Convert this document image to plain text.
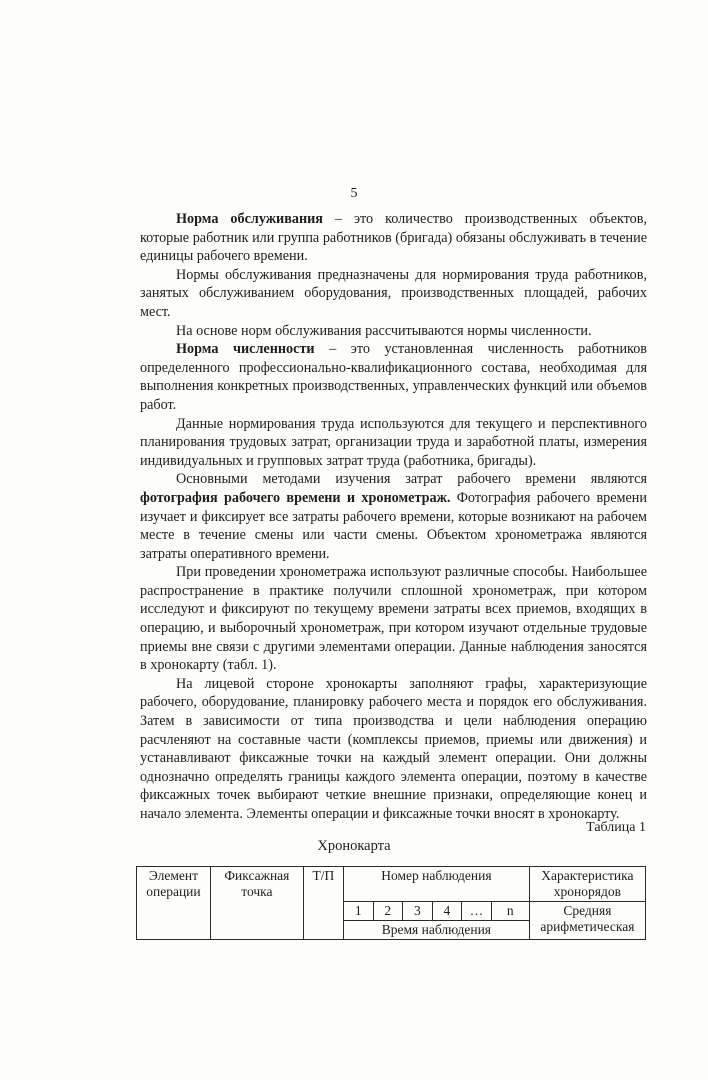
5

Норма обслуживания – это количество производственных объектов, которые работник или группа работников (бригада) обязаны обслуживать в течение единицы рабочего времени.

Нормы обслуживания предназначены для нормирования труда работников, занятых обслуживанием оборудования, производственных площадей, рабочих мест.

На основе норм обслуживания рассчитываются нормы численности.

Норма численности – это установленная численность работников определенного профессионально-квалификационного состава, необходимая для выполнения конкретных производственных, управленческих функций или объемов работ.

Данные нормирования труда используются для текущего и перспективного планирования трудовых затрат, организации труда и заработной платы, измерения индивидуальных и групповых затрат труда (работника, бригады).

Основными методами изучения затрат рабочего времени являются фотография рабочего времени и хронометраж. Фотография рабочего времени изучает и фиксирует все затраты рабочего времени, которые возникают на рабочем месте в течение смены или части смены. Объектом хронометража являются затраты оперативного времени.

При проведении хронометража используют различные способы. Наибольшее распространение в практике получили сплошной хронометраж, при котором исследуют и фиксируют по текущему времени затраты всех приемов, входящих в операцию, и выборочный хронометраж, при котором изучают отдельные трудовые приемы вне связи с другими элементами операции. Данные наблюдения заносятся в хронокарту (табл. 1).

На лицевой стороне хронокарты заполняют графы, характеризующие рабочего, оборудование, планировку рабочего места и порядок его обслуживания. Затем в зависимости от типа производства и цели наблюдения операцию расчленяют на составные части (комплексы приемов, приемы или движения) и устанавливают фиксажные точки на каждый элемент операции. Они должны однозначно определять границы каждого элемента операции, поэтому в качестве фиксажных точек выбирают четкие внешние признаки, определяющие конец и начало элемента. Элементы операции и фиксажные точки вносят в хронокарту.

Таблица 1
Хронокарта
Элемент операции	Фиксажная точка	Т/П	Номер наблюдения						Характеристика хронорядов
			1	2	3	4	…	n	Средняя арифметическая
			Время наблюдения						
